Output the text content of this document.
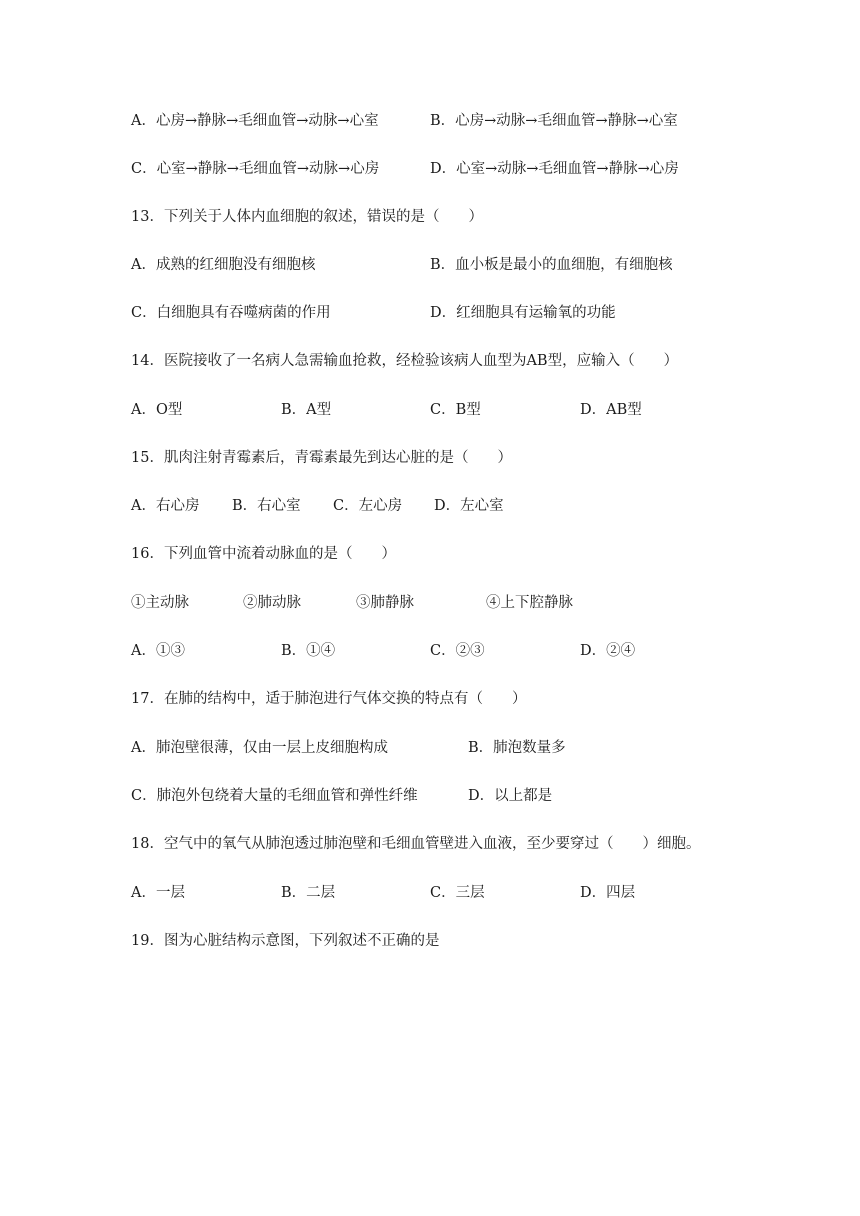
A．心房→静脉→毛细血管→动脉→心室	B．心房→动脉→毛细血管→静脉→心室
C．心室→静脉→毛细血管→动脉→心房	D．心室→动脉→毛细血管→静脉→心房
13．下列关于人体内血细胞的叙述，错误的是（　　）
A．成熟的红细胞没有细胞核	B．血小板是最小的血细胞，有细胞核
C．白细胞具有吞噬病菌的作用	D．红细胞具有运输氧的功能
14．医院接收了一名病人急需输血抢救，经检验该病人血型为AB型，应输入（　　）
A．O型	B．A型	C．B型	D．AB型
15．肌肉注射青霉素后，青霉素最先到达心脏的是（　　）
A．右心房 B．右心室 C．左心房 D．左心室
16．下列血管中流着动脉血的是（　　）
①主动脉	②肺动脉	③肺静脉	④上下腔静脉
A．①③	B．①④	C．②③	D．②④
17．在肺的结构中，适于肺泡进行气体交换的特点有（　　）
A．肺泡壁很薄，仅由一层上皮细胞构成	B．肺泡数量多
C．肺泡外包绕着大量的毛细血管和弹性纤维	D．以上都是
18．空气中的氧气从肺泡透过肺泡壁和毛细血管壁进入血液，至少要穿过（　　）细胞。
A．一层	B．二层	C．三层	D．四层
19．图为心脏结构示意图，下列叙述不正确的是
